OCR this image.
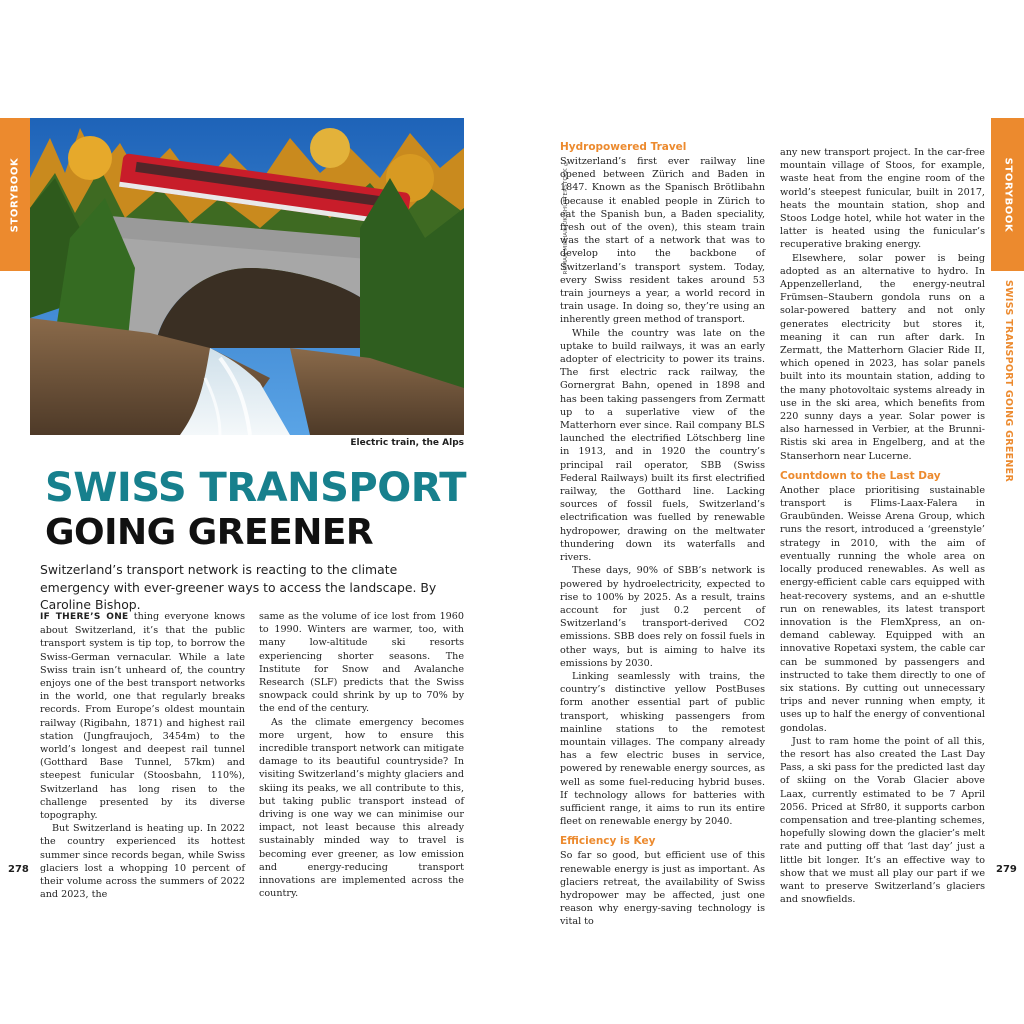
STORYBOOK	STORYBOOK
SWISS TRANSPORT GOING GREENER
Electric train, the Alps
ROMAN MIKHAILIUK/SHUTTERSTOCK ©
SWISS TRANSPORT
GOING GREENER
Switzerland’s transport network is reacting to the climate emergency with ever-greener ways to access the landscape. By Caroline Bishop.

IF THERE’S ONE thing everyone knows about Switzerland, it’s that the public transport system is tip top, to borrow the Swiss-German vernacular. While a late Swiss train isn’t unheard of, the country enjoys one of the best transport networks in the world, one that regularly breaks records. From Europe’s oldest mountain railway (Rigibahn, 1871) and highest rail station (Jungfraujoch, 3454m) to the world’s longest and deepest rail tunnel (Gotthard Base Tunnel, 57km) and steepest funicular (Stoosbahn, 110%), Switzerland has long risen to the challenge presented by its diverse topography.

But Switzerland is heating up. In 2022 the country experienced its hottest summer since records began, while Swiss glaciers lost a whopping 10 percent of their volume across the summers of 2022 and 2023, the

same as the volume of ice lost from 1960 to 1990. Winters are warmer, too, with many low-altitude ski resorts experiencing shorter seasons. The Institute for Snow and Avalanche Research (SLF) predicts that the Swiss snowpack could shrink by up to 70% by the end of the century.

As the climate emergency becomes more urgent, how to ensure this incredible transport network can mitigate damage to its beautiful countryside? In visiting Switzerland’s mighty glaciers and skiing its peaks, we all contribute to this, but taking public transport instead of driving is one way we can minimise our impact, not least because this already sustainably minded way to travel is becoming ever greener, as low emission and energy-reducing transport innovations are implemented across the country.

Hydropowered Travel

Switzerland’s first ever railway line opened between Zürich and Baden in 1847. Known as the Spanisch Brötlibahn (because it enabled people in Zürich to eat the Spanish bun, a Baden speciality, fresh out of the oven), this steam train was the start of a network that was to develop into the backbone of Switzerland’s transport system. Today, every Swiss resident takes around 53 train journeys a year, a world record in train usage. In doing so, they’re using an inherently green method of transport.

While the country was late on the uptake to build railways, it was an early adopter of electricity to power its trains. The first electric rack railway, the Gornergrat Bahn, opened in 1898 and has been taking passengers from Zermatt up to a superlative view of the Matterhorn ever since. Rail company BLS launched the electrified Lötschberg line in 1913, and in 1920 the country’s principal rail operator, SBB (Swiss Federal Railways) built its first electrified railway, the Gotthard line. Lacking sources of fossil fuels, Switzerland’s electrification was fuelled by renewable hydropower, drawing on the meltwater thundering down its waterfalls and rivers.

These days, 90% of SBB’s network is powered by hydroelectricity, expected to rise to 100% by 2025. As a result, trains account for just 0.2 percent of Switzerland’s transport-derived CO2 emissions. SBB does rely on fossil fuels in other ways, but is aiming to halve its emissions by 2030.

Linking seamlessly with trains, the country’s distinctive yellow PostBuses form another essential part of public transport, whisking passengers from mainline stations to the remotest mountain villages. The company already has a few electric buses in service, powered by renewable energy sources, as well as some fuel-reducing hybrid buses. If technology allows for batteries with sufficient range, it aims to run its entire fleet on renewable energy by 2040.

Efficiency is Key

So far so good, but efficient use of this renewable energy is just as important. As glaciers retreat, the availability of Swiss hydropower may be affected, just one reason why energy-saving technology is vital to

any new transport project. In the car-free mountain village of Stoos, for example, waste heat from the engine room of the world’s steepest funicular, built in 2017, heats the mountain station, shop and Stoos Lodge hotel, while hot water in the latter is heated using the funicular’s recuperative braking energy.

Elsewhere, solar power is being adopted as an alternative to hydro. In Appenzellerland, the energy-neutral Frümsen–Staubern gondola runs on a solar-powered battery and not only generates electricity but stores it, meaning it can run after dark. In Zermatt, the Matterhorn Glacier Ride II, which opened in 2023, has solar panels built into its mountain station, adding to the many photovoltaic systems already in use in the ski area, which benefits from 220 sunny days a year. Solar power is also harnessed in Verbier, at the Brunni-Ristis ski area in Engelberg, and at the Stanserhorn near Lucerne.

Countdown to the Last Day

Another place prioritising sustainable transport is Flims-Laax-Falera in Graubünden. Weisse Arena Group, which runs the resort, introduced a ‘greenstyle’ strategy in 2010, with the aim of eventually running the whole area on locally produced renewables. As well as energy-efficient cable cars equipped with heat-recovery systems, and an e-shuttle run on renewables, its latest transport innovation is the FlemXpress, an on-demand cableway. Equipped with an innovative Ropetaxi system, the cable car can be summoned by passengers and instructed to take them directly to one of six stations. By cutting out unnecessary trips and never running when empty, it uses up to half the energy of conventional gondolas.

Just to ram home the point of all this, the resort has also created the Last Day Pass, a ski pass for the predicted last day of skiing on the Vorab Glacier above Laax, currently estimated to be 7 April 2056. Priced at Sfr80, it supports carbon compensation and tree-planting schemes, hopefully slowing down the glacier’s melt rate and putting off that ‘last day’ just a little bit longer. It’s an effective way to show that we must all play our part if we want to preserve Switzerland’s glaciers and snowfields.

278	279
